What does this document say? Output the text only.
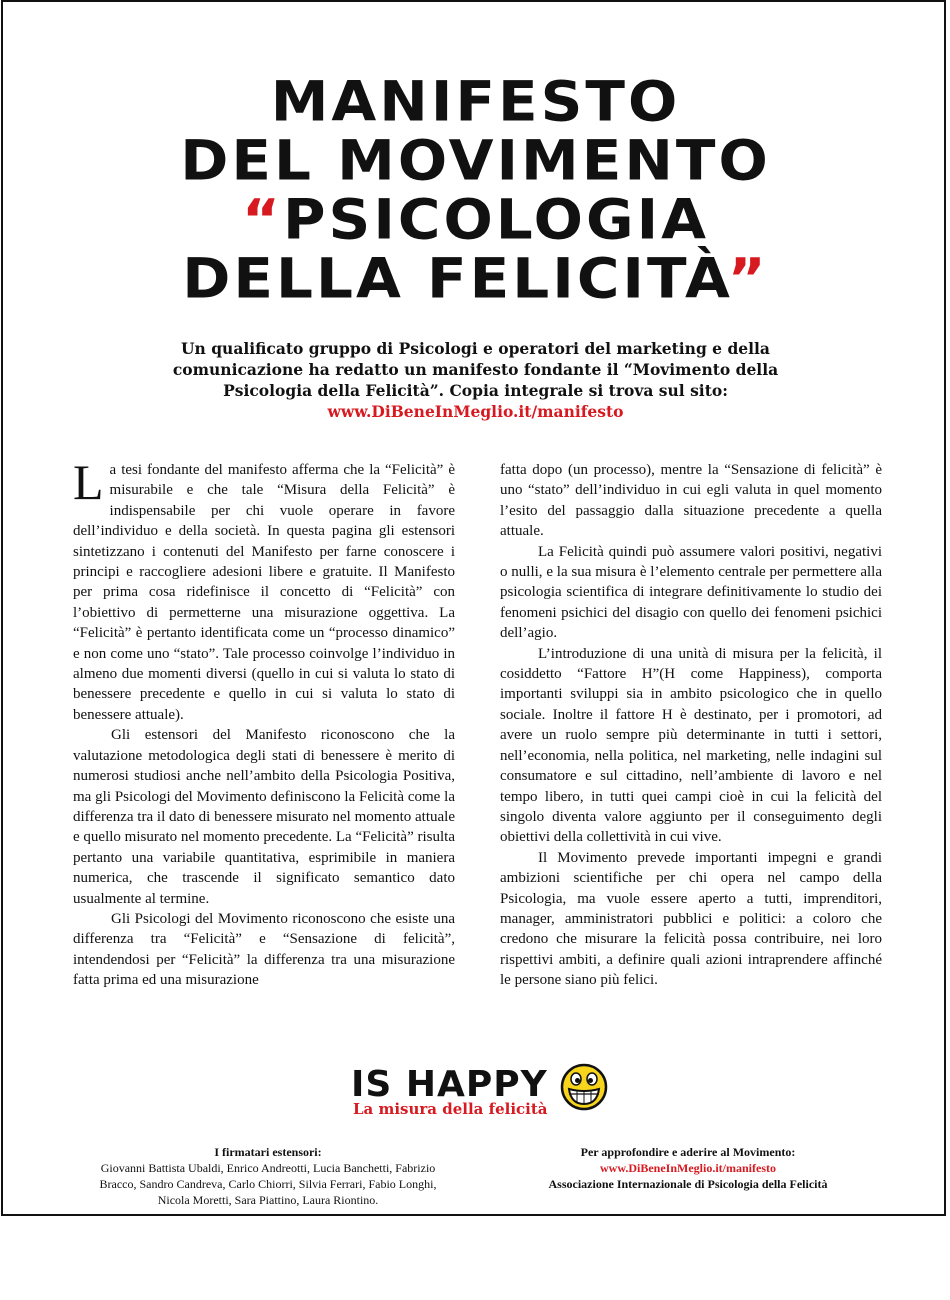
MANIFESTO
DEL MOVIMENTO
“PSICOLOGIA
DELLA FELICITÀ”
Un qualificato gruppo di Psicologi e operatori del marketing e della comunicazione ha redatto un manifesto fondante il “Movimento della Psicologia della Felicità”. Copia integrale si trova sul sito:
www.DiBeneInMeglio.it/manifesto

La tesi fondante del manifesto afferma che la “Felicità” è misurabile e che tale “Misura della Felicità” è indispensabile per chi vuole operare in favore dell’individuo e della società. In questa pagina gli estensori sintetizzano i contenuti del Manifesto per farne conoscere i principi e raccogliere adesioni libere e gratuite. Il Manifesto per prima cosa ridefinisce il concetto di “Felicità” con l’obiettivo di permetterne una misurazione oggettiva. La “Felicità” è pertanto identificata come un “processo dinamico” e non come uno “stato”. Tale processo coinvolge l’individuo in almeno due momenti diversi (quello in cui si valuta lo stato di benessere precedente e quello in cui si valuta lo stato di benessere attuale).

Gli estensori del Manifesto riconoscono che la valutazione metodologica degli stati di benessere è merito di numerosi studiosi anche nell’ambito della Psicologia Positiva, ma gli Psicologi del Movimento definiscono la Felicità come la differenza tra il dato di benessere misurato nel momento attuale e quello misurato nel momento precedente. La “Felicità” risulta pertanto una variabile quantitativa, esprimibile in maniera numerica, che trascende il significato semantico dato usualmente al termine.

Gli Psicologi del Movimento riconoscono che esiste una differenza tra “Felicità” e “Sensazione di felicità”, intendendosi per “Felicità” la differenza tra una misurazione fatta prima ed una misurazione

fatta dopo (un processo), mentre la “Sensazione di felicità” è uno “stato” dell’individuo in cui egli valuta in quel momento l’esito del passaggio dalla situazione precedente a quella attuale.

La Felicità quindi può assumere valori positivi, negativi o nulli, e la sua misura è l’elemento centrale per permettere alla psicologia scientifica di integrare definitivamente lo studio dei fenomeni psichici del disagio con quello dei fenomeni psichici dell’agio.

L’introduzione di una unità di misura per la felicità, il cosiddetto “Fattore H”(H come Happiness), comporta importanti sviluppi sia in ambito psicologico che in quello sociale. Inoltre il fattore H è destinato, per i promotori, ad avere un ruolo sempre più determinante in tutti i settori, nell’economia, nella politica, nel marketing, nelle indagini sul consumatore e sul cittadino, nell’ambiente di lavoro e nel tempo libero, in tutti quei campi cioè in cui la felicità del singolo diventa valore aggiunto per il conseguimento degli obiettivi della collettività in cui vive.

Il Movimento prevede importanti impegni e grandi ambizioni scientifiche per chi opera nel campo della Psicologia, ma vuole essere aperto a tutti, imprenditori, manager, amministratori pubblici e politici: a coloro che credono che misurare la felicità possa contribuire, nei loro rispettivi ambiti, a definire quali azioni intraprendere affinché le persone siano più felici.

IS HAPPY
La misura della felicità
I firmatari estensori:
Giovanni Battista Ubaldi, Enrico Andreotti, Lucia Banchetti, Fabrizio Bracco, Sandro Candreva, Carlo Chiorri, Silvia Ferrari, Fabio Longhi, Nicola Moretti, Sara Piattino, Laura Riontino.
Per approfondire e aderire al Movimento:
www.DiBeneInMeglio.it/manifesto
Associazione Internazionale di Psicologia della Felicità
